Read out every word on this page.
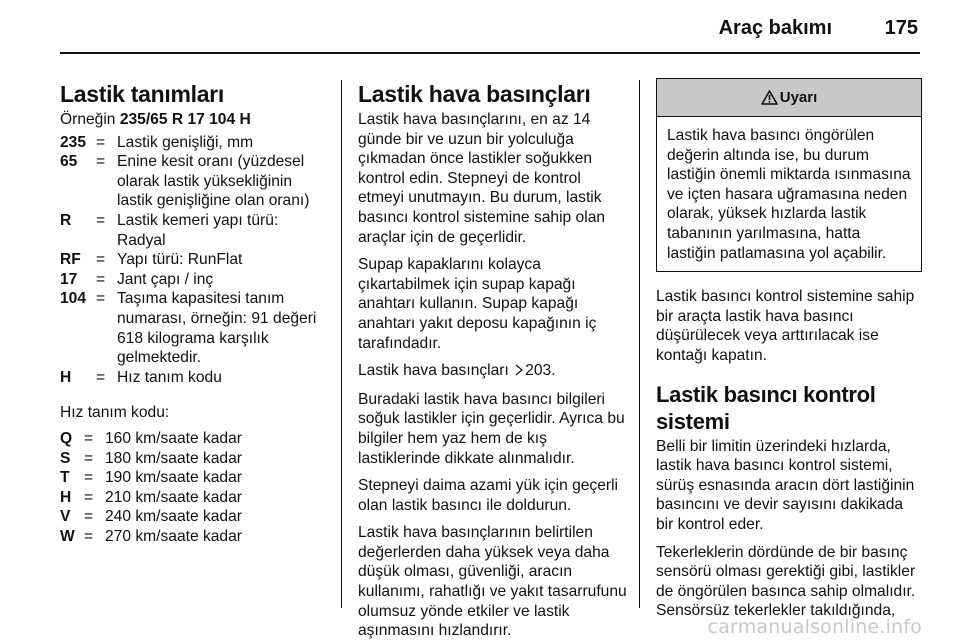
Araç bakımı	175
Lastik tanımları

Örneğin 235/65 R 17 104 H

235 = Lastik genişliği, mm
65	= Enine kesit oranı (yüzdesel olarak lastik yüksekliğinin lastik genişliğine olan oranı)
R	= Lastik kemeri yapı türü: Radyal
RF = Yapı türü: RunFlat
17	= Jant çapı / inç
104 = Taşıma kapasitesi tanım numarası, örneğin: 91 değeri 618 kilograma karşılık gelmektedir.
H	= Hız tanım kodu

Hız tanım kodu:

Q = 160 km/saate kadar
S = 180 km/saate kadar
T = 190 km/saate kadar
H = 210 km/saate kadar
V = 240 km/saate kadar
W = 270 km/saate kadar
Lastik hava basınçları

Lastik hava basınçlarını, en az 14 günde bir ve uzun bir yolculuğa çıkmadan önce lastikler soğukken kontrol edin. Stepneyi de kontrol etmeyi unutmayın. Bu durum, lastik basıncı kontrol sistemine sahip olan araçlar için de geçerlidir.

Supap kapaklarını kolayca çıkartabilmek için supap kapağı anahtarı kullanın. Supap kapağı anahtarı yakıt deposu kapağının iç tarafındadır.

Lastik hava basınçları 203.

Buradaki lastik hava basıncı bilgileri soğuk lastikler için geçerlidir. Ayrıca bu bilgiler hem yaz hem de kış lastiklerinde dikkate alınmalıdır.

Stepneyi daima azami yük için geçerli olan lastik basıncı ile doldurun.

Lastik hava basınçlarının belirtilen değerlerden daha yüksek veya daha düşük olması, güvenliği, aracın kullanımı, rahatlığı ve yakıt tasarrufunu olumsuz yönde etkiler ve lastik aşınmasını hızlandırır.

Uyarı
Lastik hava basıncı öngörülen değerin altında ise, bu durum lastiğin önemli miktarda ısınmasına ve içten hasara uğramasına neden olarak, yüksek hızlarda lastik tabanının yarılmasına, hatta lastiğin patlamasına yol açabilir.

Lastik basıncı kontrol sistemine sahip bir araçta lastik hava basıncı düşürülecek veya arttırılacak ise kontağı kapatın.

Lastik basıncı kontrol sistemi

Belli bir limitin üzerindeki hızlarda, lastik hava basıncı kontrol sistemi, sürüş esnasında aracın dört lastiğinin basıncını ve devir sayısını dakikada bir kontrol eder.

Tekerleklerin dördünde de bir basınç sensörü olması gerektiği gibi, lastikler de öngörülen basınca sahip olmalıdır. Sensörsüz tekerlekler takıldığında,

carmanualsonline.info
